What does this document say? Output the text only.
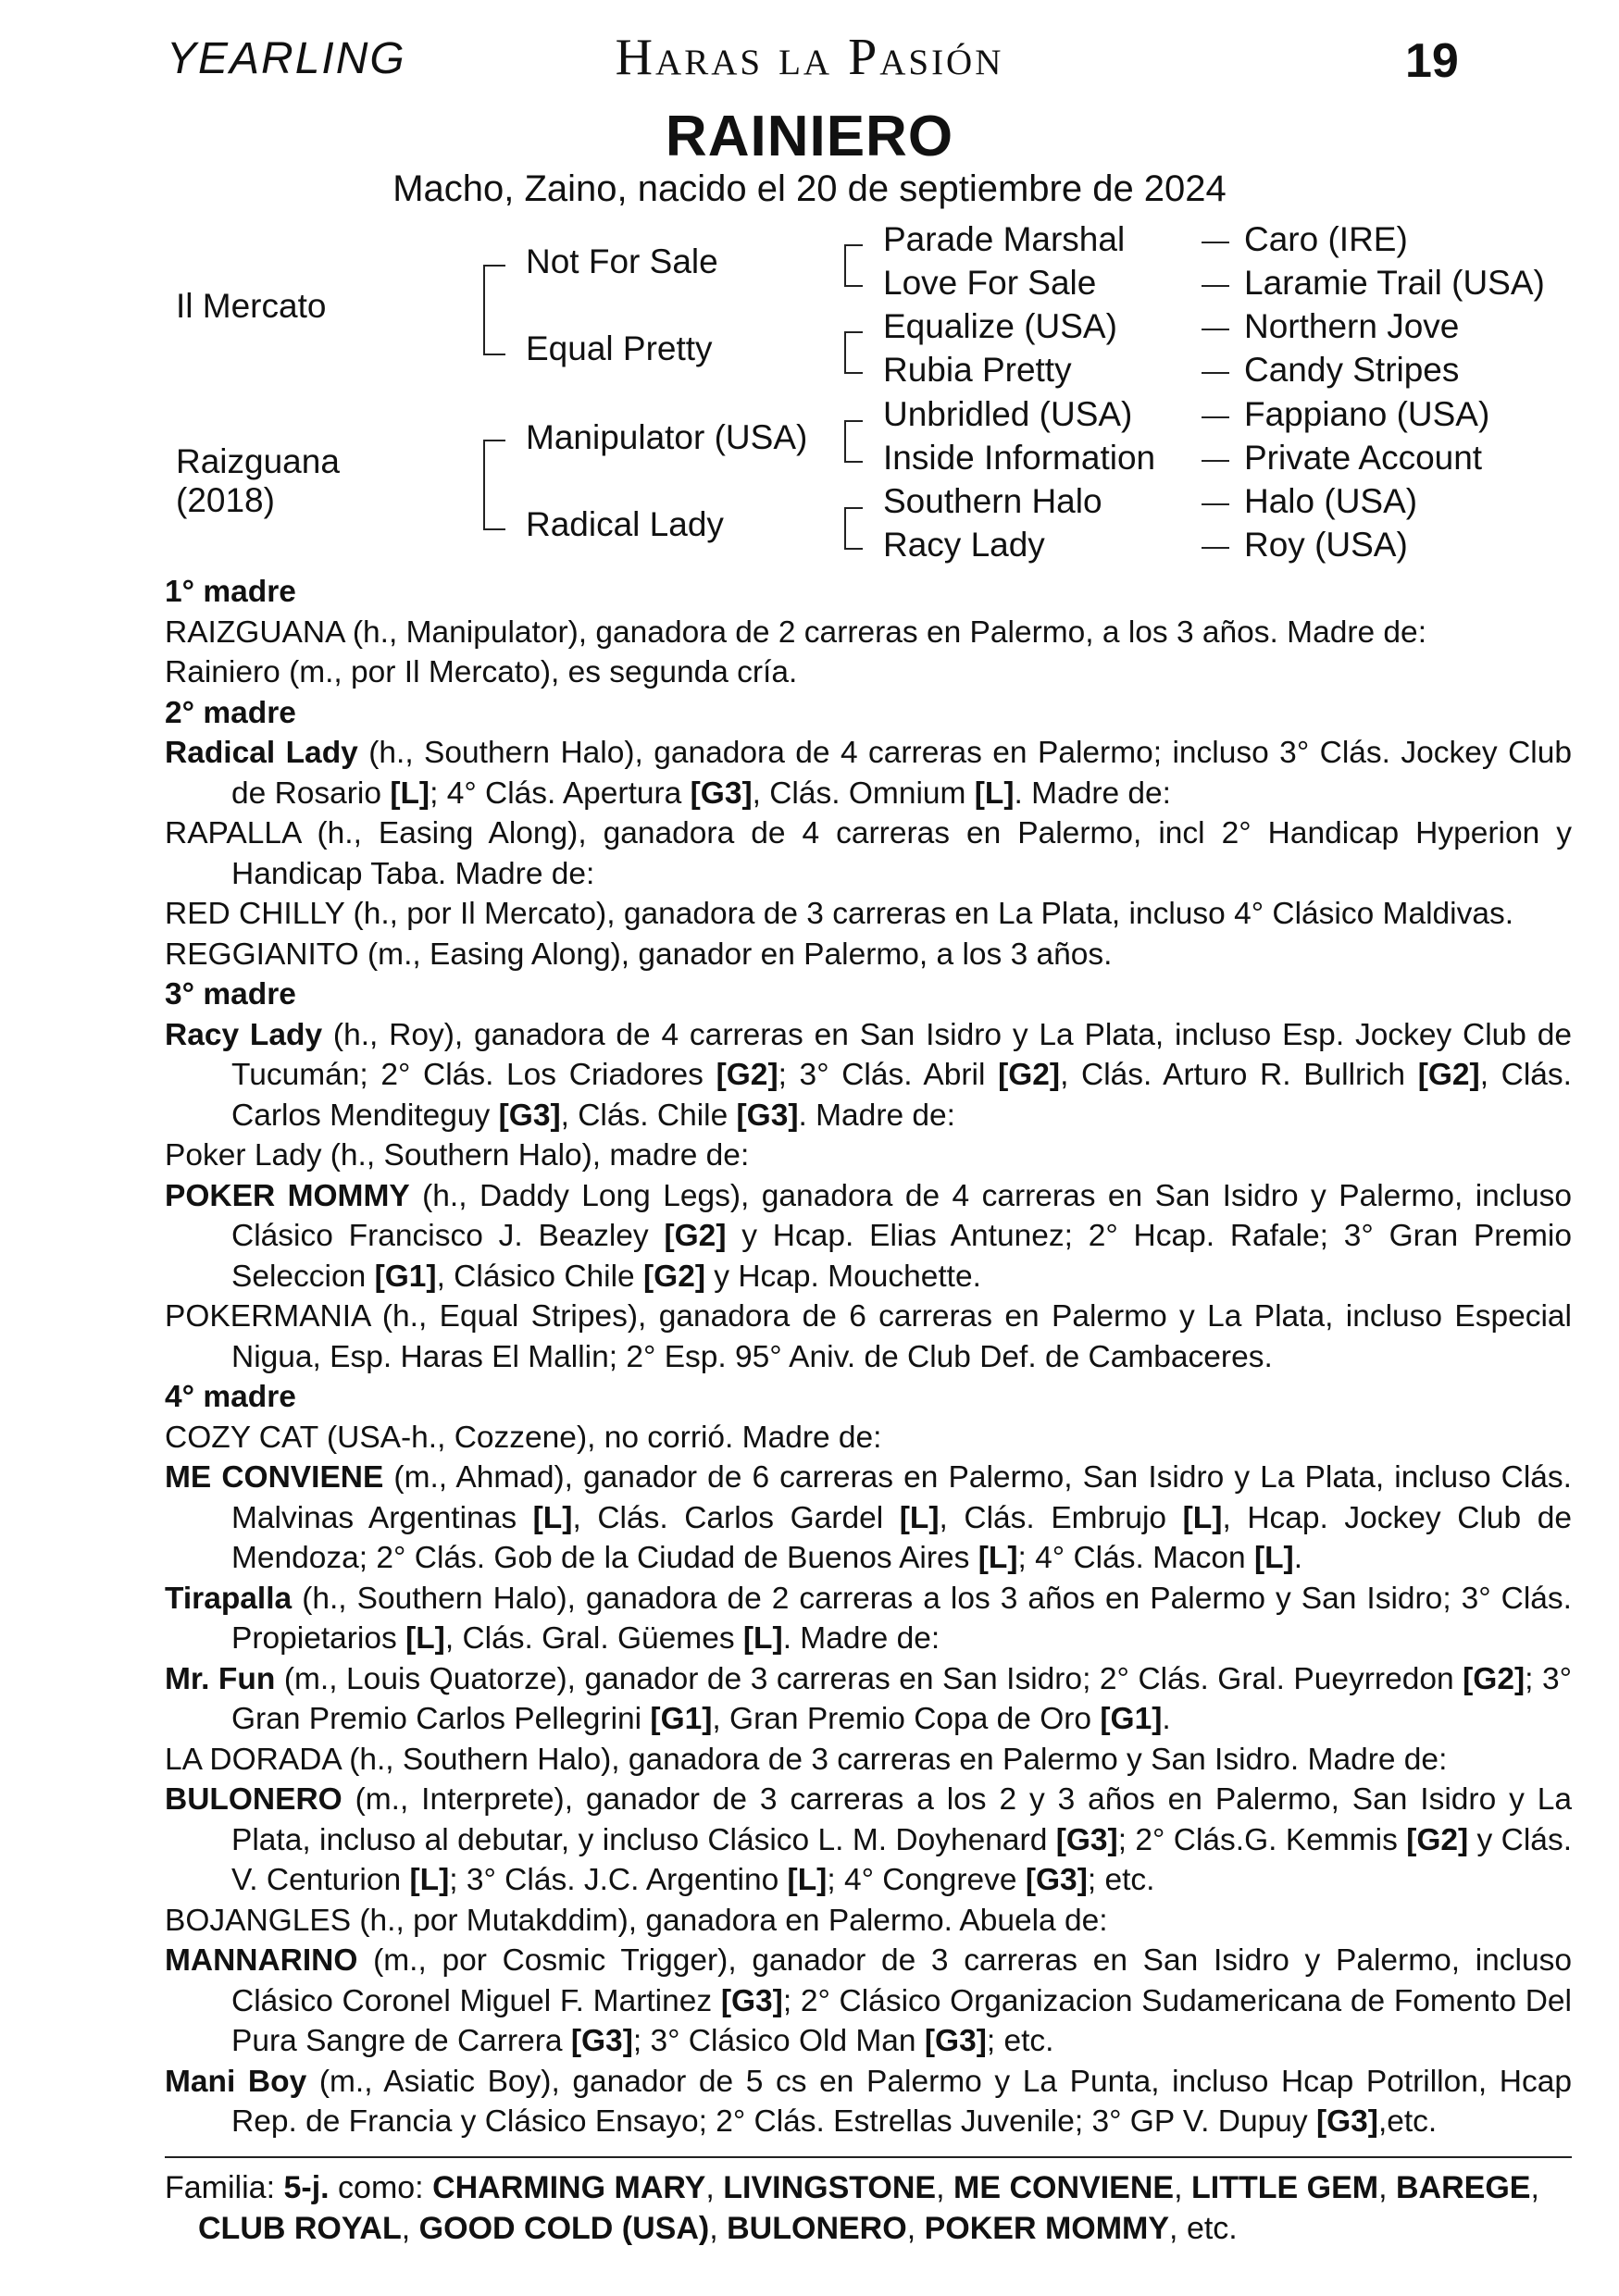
YEARLING	Haras la Pasión	19
RAINIERO
Macho, Zaino, nacido el 20 de septiembre de 2024
Il Mercato
Raizguana
(2018)
Not For Sale
Equal Pretty
Manipulator (USA)
Radical Lady
Parade Marshal
Love For Sale
Equalize (USA)
Rubia Pretty
Unbridled (USA)
Inside Information
Southern Halo
Racy Lady
Caro (IRE)
Laramie Trail (USA)
Northern Jove
Candy Stripes
Fappiano (USA)
Private Account
Halo (USA)
Roy (USA)

1° madre

RAIZGUANA (h., Manipulator), ganadora de 2 carreras en Palermo, a los 3 años. Madre de:

Rainiero (m., por Il Mercato), es segunda cría.

2° madre

Radical Lady (h., Southern Halo), ganadora de 4 carreras en Palermo; incluso 3° Clás. Jockey Club de Rosario [L]; 4° Clás. Apertura [G3], Clás. Omnium [L]. Madre de:

RAPALLA (h., Easing Along), ganadora de 4 carreras en Palermo, incl 2° Handicap Hyperion y Handicap Taba. Madre de:

RED CHILLY (h., por Il Mercato), ganadora de 3 carreras en La Plata, incluso 4° Clásico Maldivas.

REGGIANITO (m., Easing Along), ganador en Palermo, a los 3 años.

3° madre

Racy Lady (h., Roy), ganadora de 4 carreras en San Isidro y La Plata, incluso Esp. Jockey Club de Tucumán; 2° Clás. Los Criadores [G2]; 3° Clás. Abril [G2], Clás. Arturo R. Bullrich [G2], Clás. Carlos Menditeguy [G3], Clás. Chile [G3]. Madre de:

Poker Lady (h., Southern Halo), madre de:

POKER MOMMY (h., Daddy Long Legs), ganadora de 4 carreras en San Isidro y Palermo, incluso Clásico Francisco J. Beazley [G2] y Hcap. Elias Antunez; 2° Hcap. Rafale; 3° Gran Premio Seleccion [G1], Clásico Chile [G2] y Hcap. Mouchette.

POKERMANIA (h., Equal Stripes), ganadora de 6 carreras en Palermo y La Plata, incluso Especial Nigua, Esp. Haras El Mallin; 2° Esp. 95° Aniv. de Club Def. de Cambaceres.

4° madre

COZY CAT (USA-h., Cozzene), no corrió. Madre de:

ME CONVIENE (m., Ahmad), ganador de 6 carreras en Palermo, San Isidro y La Plata, incluso Clás. Malvinas Argentinas [L], Clás. Carlos Gardel [L], Clás. Embrujo [L], Hcap. Jockey Club de Mendoza; 2° Clás. Gob de la Ciudad de Buenos Aires [L]; 4° Clás. Macon [L].

Tirapalla (h., Southern Halo), ganadora de 2 carreras a los 3 años en Palermo y San Isidro; 3° Clás. Propietarios [L], Clás. Gral. Güemes [L]. Madre de:

Mr. Fun (m., Louis Quatorze), ganador de 3 carreras en San Isidro; 2° Clás. Gral. Pueyrredon [G2]; 3° Gran Premio Carlos Pellegrini [G1], Gran Premio Copa de Oro [G1].

LA DORADA (h., Southern Halo), ganadora de 3 carreras en Palermo y San Isidro. Madre de:

BULONERO (m., Interprete), ganador de 3 carreras a los 2 y 3 años en Palermo, San Isidro y La Plata, incluso al debutar, y incluso Clásico L. M. Doyhenard [G3]; 2° Clás.G. Kemmis [G2] y Clás. V. Centurion [L]; 3° Clás. J.C. Argentino [L]; 4° Congreve [G3]; etc.

BOJANGLES (h., por Mutakddim), ganadora en Palermo. Abuela de:

MANNARINO (m., por Cosmic Trigger), ganador de 3 carreras en San Isidro y Palermo, incluso Clásico Coronel Miguel F. Martinez [G3]; 2° Clásico Organizacion Sudamericana de Fomento Del Pura Sangre de Carrera [G3]; 3° Clásico Old Man [G3]; etc.

Mani Boy (m., Asiatic Boy), ganador de 5 cs en Palermo y La Punta, incluso Hcap Potrillon, Hcap Rep. de Francia y Clásico Ensayo; 2° Clás. Estrellas Juvenile; 3° GP V. Dupuy [G3],etc.

Familia: 5-j. como: CHARMING MARY, LIVINGSTONE, ME CONVIENE, LITTLE GEM, BAREGE, CLUB ROYAL, GOOD COLD (USA), BULONERO, POKER MOMMY, etc.
